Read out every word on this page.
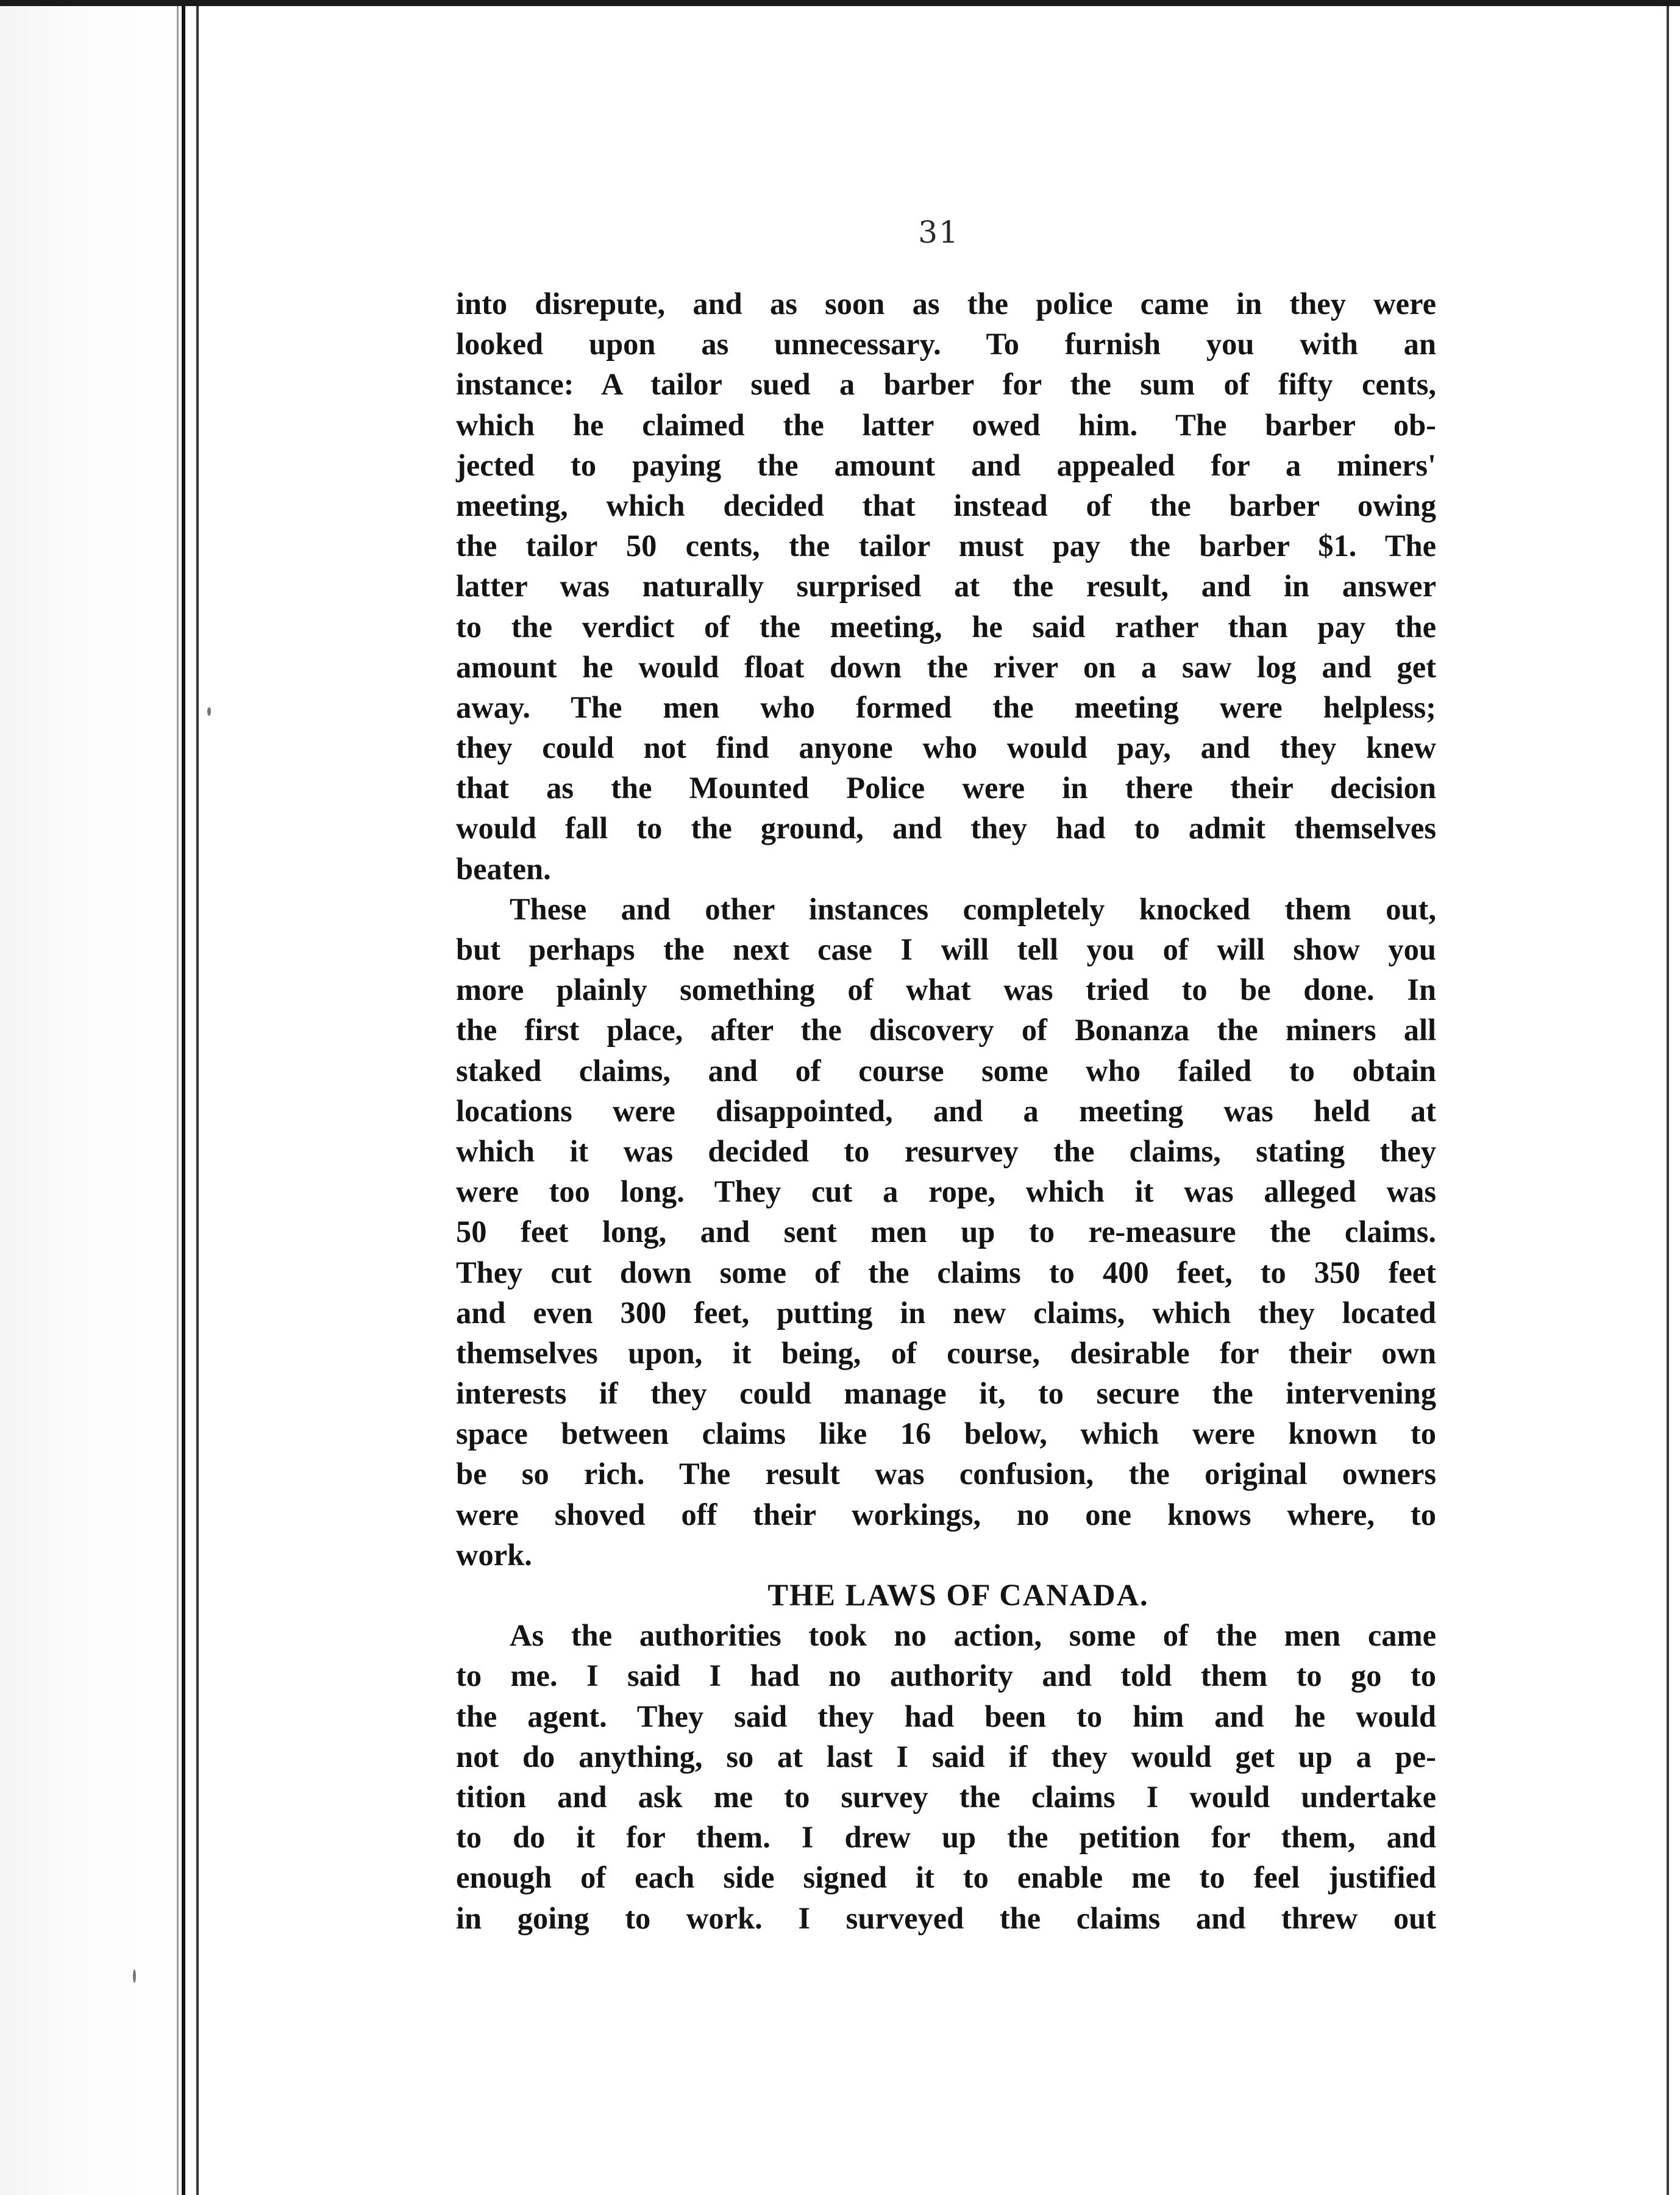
31
into disrepute, and as soon as the police came in they were
looked upon as unnecessary. To furnish you with an
instance: A tailor sued a barber for the sum of fifty cents,
which he claimed the latter owed him. The barber ob-
jected to paying the amount and appealed for a miners'
meeting, which decided that instead of the barber owing
the tailor 50 cents, the tailor must pay the barber $1. The
latter was naturally surprised at the result, and in answer
to the verdict of the meeting, he said rather than pay the
amount he would float down the river on a saw log and get
away. The men who formed the meeting were helpless;
they could not find anyone who would pay, and they knew
that as the Mounted Police were in there their decision
would fall to the ground, and they had to admit themselves
beaten.
These and other instances completely knocked them out,
but perhaps the next case I will tell you of will show you
more plainly something of what was tried to be done. In
the first place, after the discovery of Bonanza the miners all
staked claims, and of course some who failed to obtain
locations were disappointed, and a meeting was held at
which it was decided to resurvey the claims, stating they
were too long. They cut a rope, which it was alleged was
50 feet long, and sent men up to re-measure the claims.
They cut down some of the claims to 400 feet, to 350 feet
and even 300 feet, putting in new claims, which they located
themselves upon, it being, of course, desirable for their own
interests if they could manage it, to secure the intervening
space between claims like 16 below, which were known to
be so rich. The result was confusion, the original owners
were shoved off their workings, no one knows where, to
work.
THE LAWS OF CANADA.
As the authorities took no action, some of the men came
to me. I said I had no authority and told them to go to
the agent. They said they had been to him and he would
not do anything, so at last I said if they would get up a pe-
tition and ask me to survey the claims I would undertake
to do it for them. I drew up the petition for them, and
enough of each side signed it to enable me to feel justified
in going to work. I surveyed the claims and threw out
